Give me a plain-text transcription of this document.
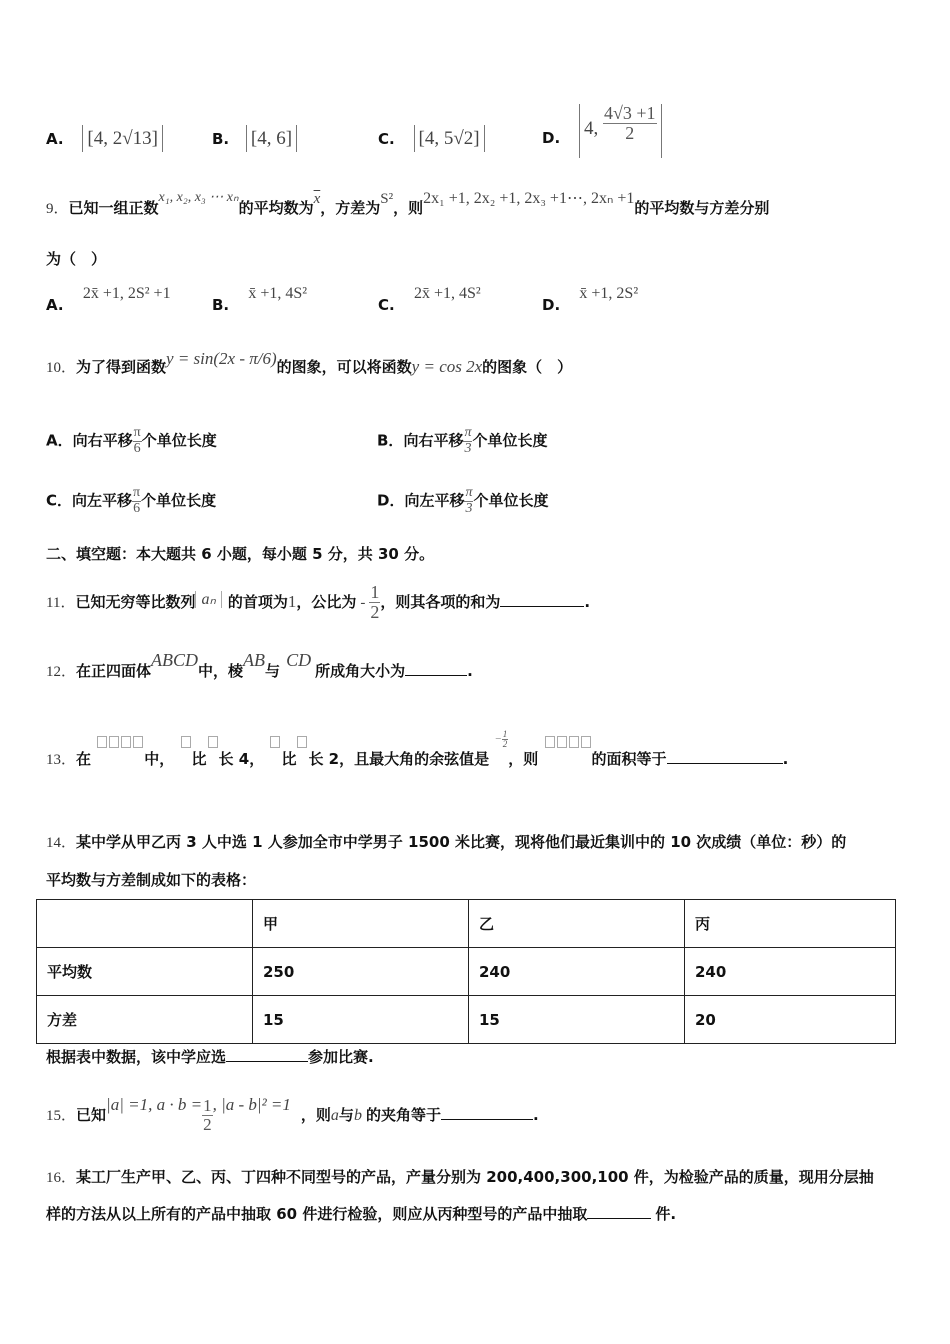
A. [4, 2√13]	B. [4, 6]	C. [4, 5√2]	D. 4, $\frac{4√3 +1}{2}$
9．已知一组正数x₁, x₂, x₃ ⋯ xₙ的平均数为$\overline{x}$，方差为S²，则2x₁ +1, 2x₂ +1, 2x₃ +1⋯, 2xₙ +1的平均数与方差分别
为（　）
A. 2x̄ +1, 2S² +1
B. x̄ +1, 4S²
C. 2x̄ +1, 4S²
D. x̄ +1, 2S²
10．为了得到函数y = sin(2x - π/6)的图象，可以将函数y = cos 2x的图象（　）
A．向右平移 $\frac{\pi}{6}$ 个单位长度	B．向右平移 $\frac{\pi}{3}$ 个单位长度
C．向左平移 $\frac{\pi}{6}$ 个单位长度	D．向左平移 $\frac{\pi}{3}$ 个单位长度
二、填空题：本大题共 6 小题，每小题 5 分，共 30 分。
11．已知无穷等比数列 aₙ 的首项为1，公比为 - $\frac{1}{2}$ ，则其各项的和为	.
12．在正四面体ABCD中，棱AB与CD所成角大小为	.
13．在	中， 比 长 4， 比 长 2，且最大角的余弦值是 $^{- \frac{1}{2}}$
，则	的面积等于	.
14．某中学从甲乙丙 3 人中选 1 人参加全市中学男子 1500 米比赛，现将他们最近集训中的 10 次成绩（单位：秒）的
平均数与方差制成如下的表格：
	甲	乙	丙
平均数	250	240	240
方差	15	15	20
根据表中数据，该中学应选	参加比赛.
15．已知|a| =1, $a \cdot b = \frac{1}{2}$ , |a - b|² =1，则a与b 的夹角等于	.
16．某工厂生产甲、乙、丙、丁四种不同型号的产品，产量分别为 200,400,300,100 件，为检验产品的质量，现用分层抽
样的方法从以上所有的产品中抽取 60 件进行检验，则应从丙种型号的产品中抽取	件.
